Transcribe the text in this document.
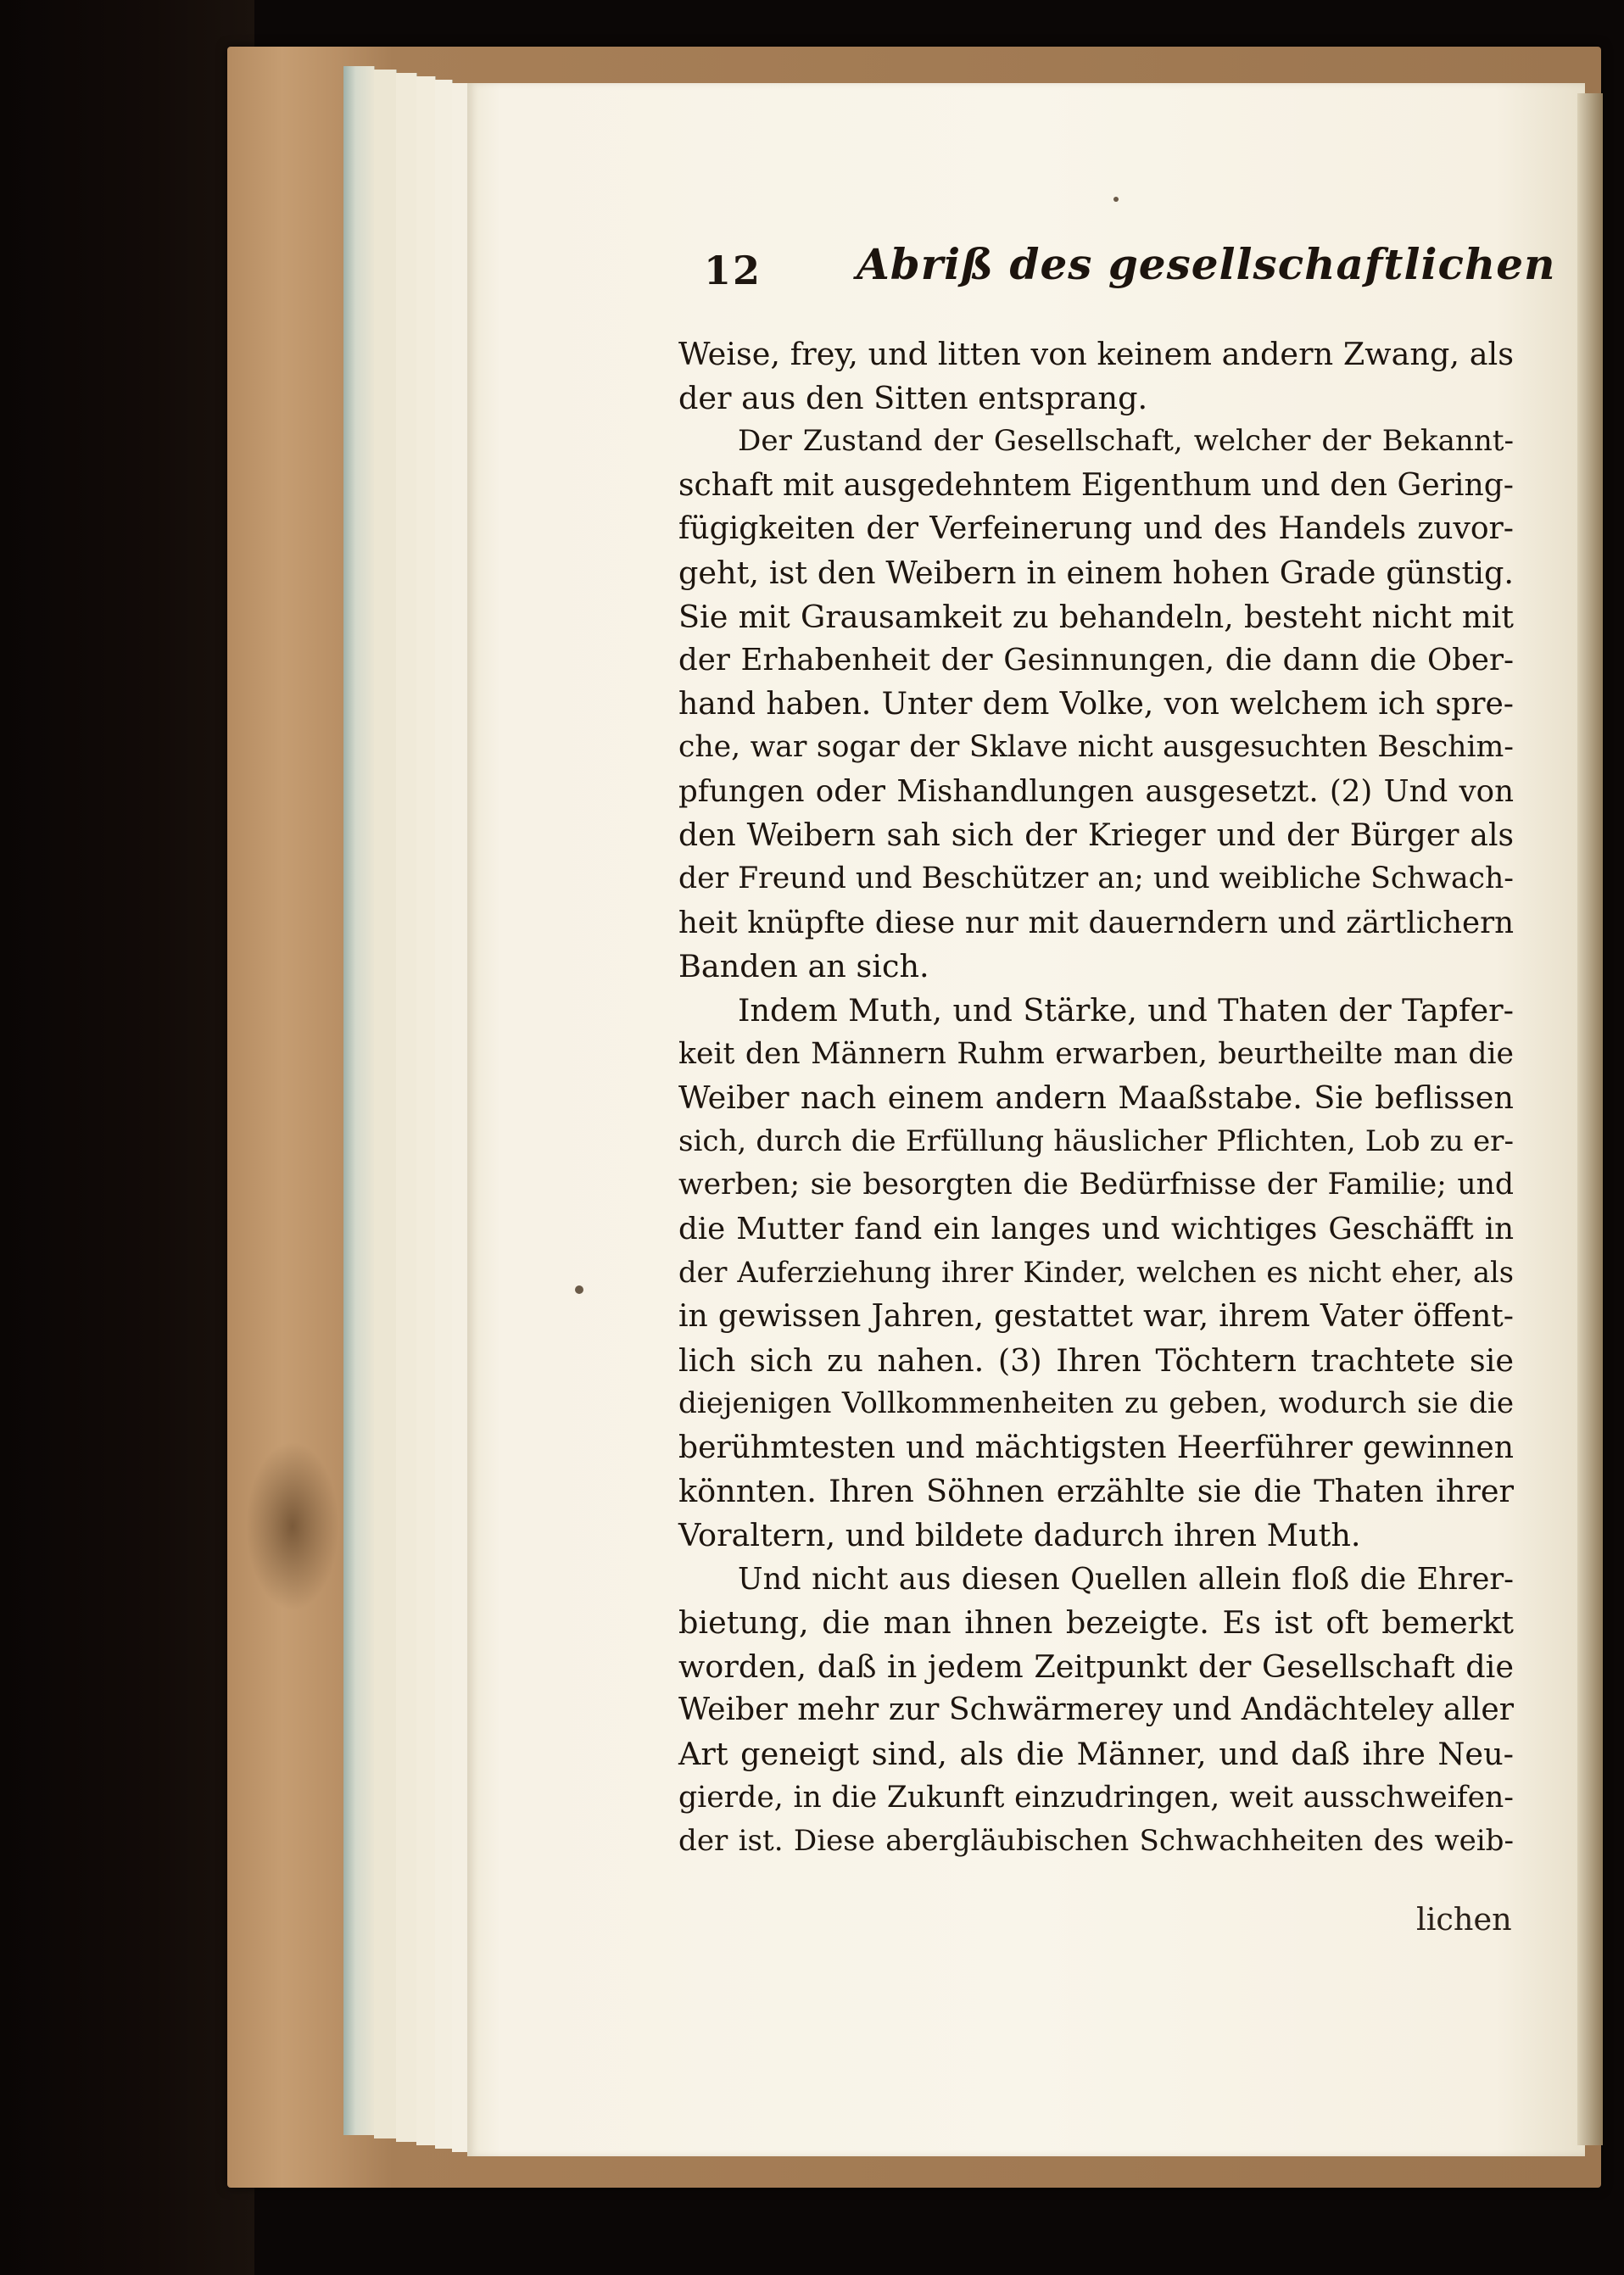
12 Abriß des gesellschaftlichen
Weise, frey, und litten von keinem andern Zwang, als
der aus den Sitten entsprang.
Der Zustand der Gesellschaft, welcher der Bekannt-
schaft mit ausgedehntem Eigenthum und den Gering-
fügigkeiten der Verfeinerung und des Handels zuvor-
geht, ist den Weibern in einem hohen Grade günstig.
Sie mit Grausamkeit zu behandeln, besteht nicht mit
der Erhabenheit der Gesinnungen, die dann die Ober-
hand haben. Unter dem Volke, von welchem ich spre-
che, war sogar der Sklave nicht ausgesuchten Beschim-
pfungen oder Mishandlungen ausgesetzt. (2) Und von
den Weibern sah sich der Krieger und der Bürger als
der Freund und Beschützer an; und weibliche Schwach-
heit knüpfte diese nur mit dauerndern und zärtlichern
Banden an sich.
Indem Muth, und Stärke, und Thaten der Tapfer-
keit den Männern Ruhm erwarben, beurtheilte man die
Weiber nach einem andern Maaßstabe. Sie beflissen
sich, durch die Erfüllung häuslicher Pflichten, Lob zu er-
werben; sie besorgten die Bedürfnisse der Familie; und
die Mutter fand ein langes und wichtiges Geschäfft in
der Auferziehung ihrer Kinder, welchen es nicht eher, als
in gewissen Jahren, gestattet war, ihrem Vater öffent-
lich sich zu nahen. (3) Ihren Töchtern trachtete sie
diejenigen Vollkommenheiten zu geben, wodurch sie die
berühmtesten und mächtigsten Heerführer gewinnen
könnten. Ihren Söhnen erzählte sie die Thaten ihrer
Voraltern, und bildete dadurch ihren Muth.
Und nicht aus diesen Quellen allein floß die Ehrer-
bietung, die man ihnen bezeigte. Es ist oft bemerkt
worden, daß in jedem Zeitpunkt der Gesellschaft die
Weiber mehr zur Schwärmerey und Andächteley aller
Art geneigt sind, als die Männer, und daß ihre Neu-
gierde, in die Zukunft einzudringen, weit ausschweifen-
der ist. Diese abergläubischen Schwachheiten des weib-
lichen
